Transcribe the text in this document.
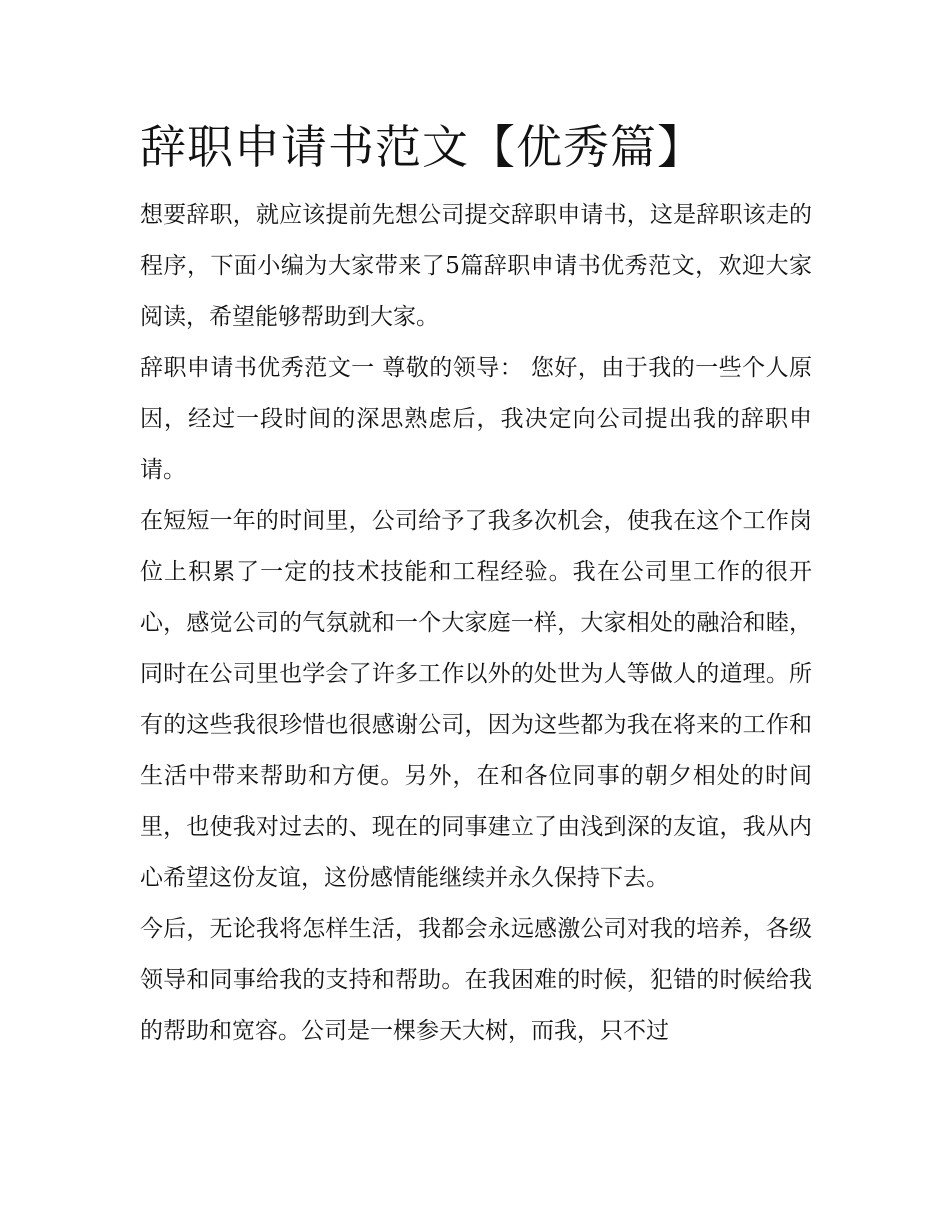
辞职申请书范文【优秀篇】

想要辞职，就应该提前先想公司提交辞职申请书，这是辞职该走的程序，下面小编为大家带来了5篇辞职申请书优秀范文，欢迎大家阅读，希望能够帮助到大家。

辞职申请书优秀范文一 尊敬的领导： 您好，由于我的一些个人原因，经过一段时间的深思熟虑后，我决定向公司提出我的辞职申请。

在短短一年的时间里，公司给予了我多次机会，使我在这个工作岗位上积累了一定的技术技能和工程经验。我在公司里工作的很开心，感觉公司的气氛就和一个大家庭一样，大家相处的融洽和睦，同时在公司里也学会了许多工作以外的处世为人等做人的道理。所有的这些我很珍惜也很感谢公司，因为这些都为我在将来的工作和生活中带来帮助和方便。另外，在和各位同事的朝夕相处的时间里，也使我对过去的、现在的同事建立了由浅到深的友谊，我从内心希望这份友谊，这份感情能继续并永久保持下去。

今后，无论我将怎样生活，我都会永远感激公司对我的培养，各级领导和同事给我的支持和帮助。在我困难的时候，犯错的时候给我的帮助和宽容。公司是一棵参天大树，而我，只不过
